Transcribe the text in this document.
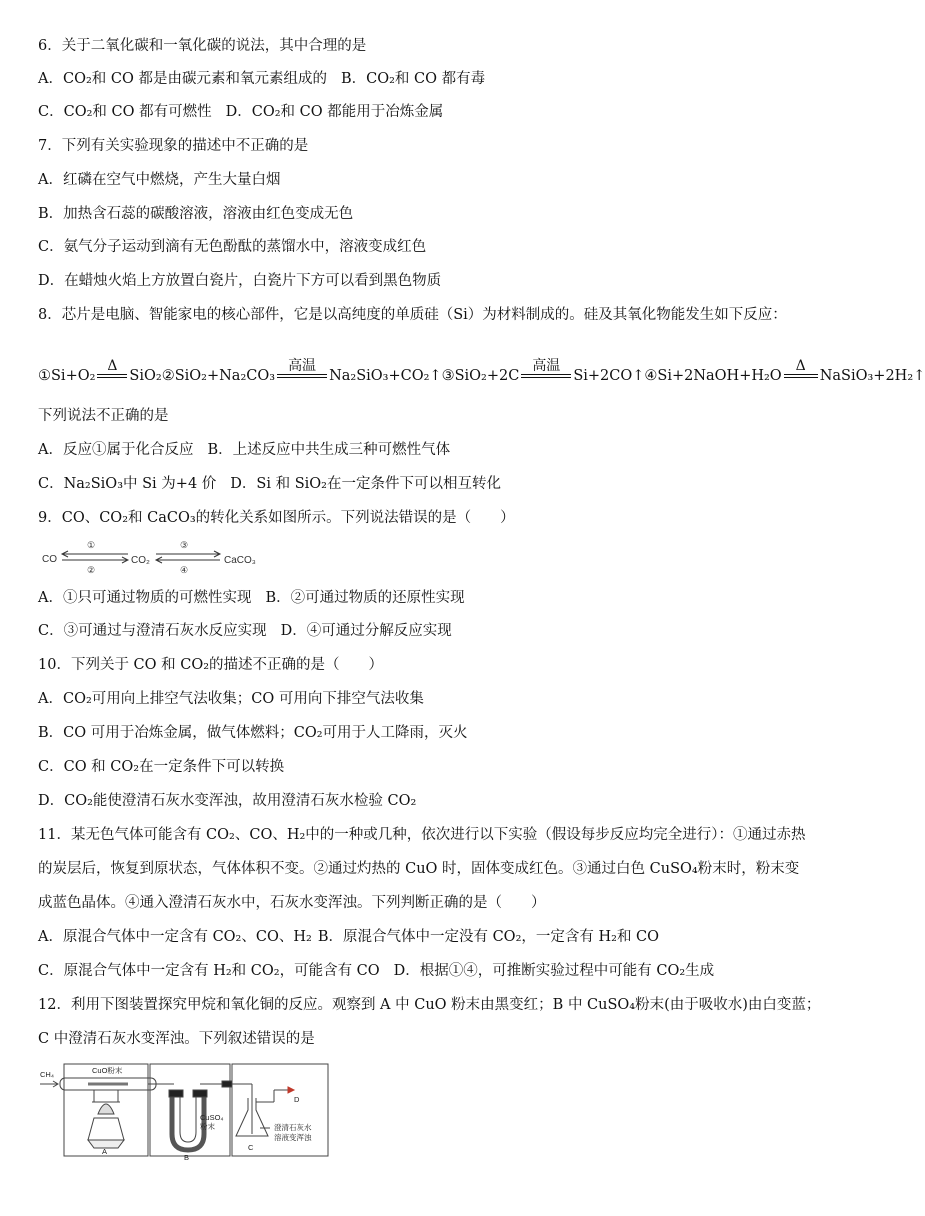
6．关于二氧化碳和一氧化碳的说法，其中合理的是
A．CO₂和 CO 都是由碳元素和氧元素组成的 B．CO₂和 CO 都有毒
C．CO₂和 CO 都有可燃性 D．CO₂和 CO 都能用于冶炼金属
7．下列有关实验现象的描述中不正确的是
A．红磷在空气中燃烧，产生大量白烟
B．加热含石蕊的碳酸溶液，溶液由红色变成无色
C．氨气分子运动到滴有无色酚酞的蒸馏水中，溶液变成红色
D．在蜡烛火焰上方放置白瓷片，白瓷片下方可以看到黑色物质
8．芯片是电脑、智能家电的核心部件，它是以高纯度的单质硅（Si）为材料制成的。硅及其氧化物能发生如下反应：
①Si+O₂
Δ
SiO₂②SiO₂+Na₂CO₃
高温
Na₂SiO₃+CO₂↑③SiO₂+2C
高温
Si+2CO↑④Si+2NaOH+H₂O
Δ
NaSiO₃+2H₂↑
下列说法不正确的是
A．反应①属于化合反应 B．上述反应中共生成三种可燃性气体
C．Na₂SiO₃中 Si 为+4 价 D．Si 和 SiO₂在一定条件下可以相互转化
9．CO、CO₂和 CaCO₃的转化关系如图所示。下列说法错误的是（　　）
CO	CO₂	CaCO₃
①
②
③
④
A．①只可通过物质的可燃性实现 B．②可通过物质的还原性实现
C．③可通过与澄清石灰水反应实现 D．④可通过分解反应实现
10．下列关于 CO 和 CO₂的描述不正确的是（　　）
A．CO₂可用向上排空气法收集；CO 可用向下排空气法收集
B．CO 可用于冶炼金属，做气体燃料；CO₂可用于人工降雨，灭火
C．CO 和 CO₂在一定条件下可以转换
D．CO₂能使澄清石灰水变浑浊，故用澄清石灰水检验 CO₂
11．某无色气体可能含有 CO₂、CO、H₂中的一种或几种，依次进行以下实验（假设每步反应均完全进行）：①通过赤热
的炭层后，恢复到原状态，气体体积不变。②通过灼热的 CuO 时，固体变成红色。③通过白色 CuSO₄粉末时，粉末变
成蓝色晶体。④通入澄清石灰水中，石灰水变浑浊。下列判断正确的是（　　）
A．原混合气体中一定含有 CO₂、CO、H₂ B．原混合气体中一定没有 CO₂，一定含有 H₂和 CO
C．原混合气体中一定含有 H₂和 CO₂，可能含有 CO D．根据①④，可推断实验过程中可能有 CO₂生成
12．利用下图装置探究甲烷和氧化铜的反应。观察到 A 中 CuO 粉末由黑变红；B 中 CuSO₄粉末(由于吸收水)由白变蓝；
C 中澄清石灰水变浑浊。下列叙述错误的是
CH₄	CuO粉末
CuSO₄
粉末	澄清石灰水
溶液变浑浊
A
B
C
D
